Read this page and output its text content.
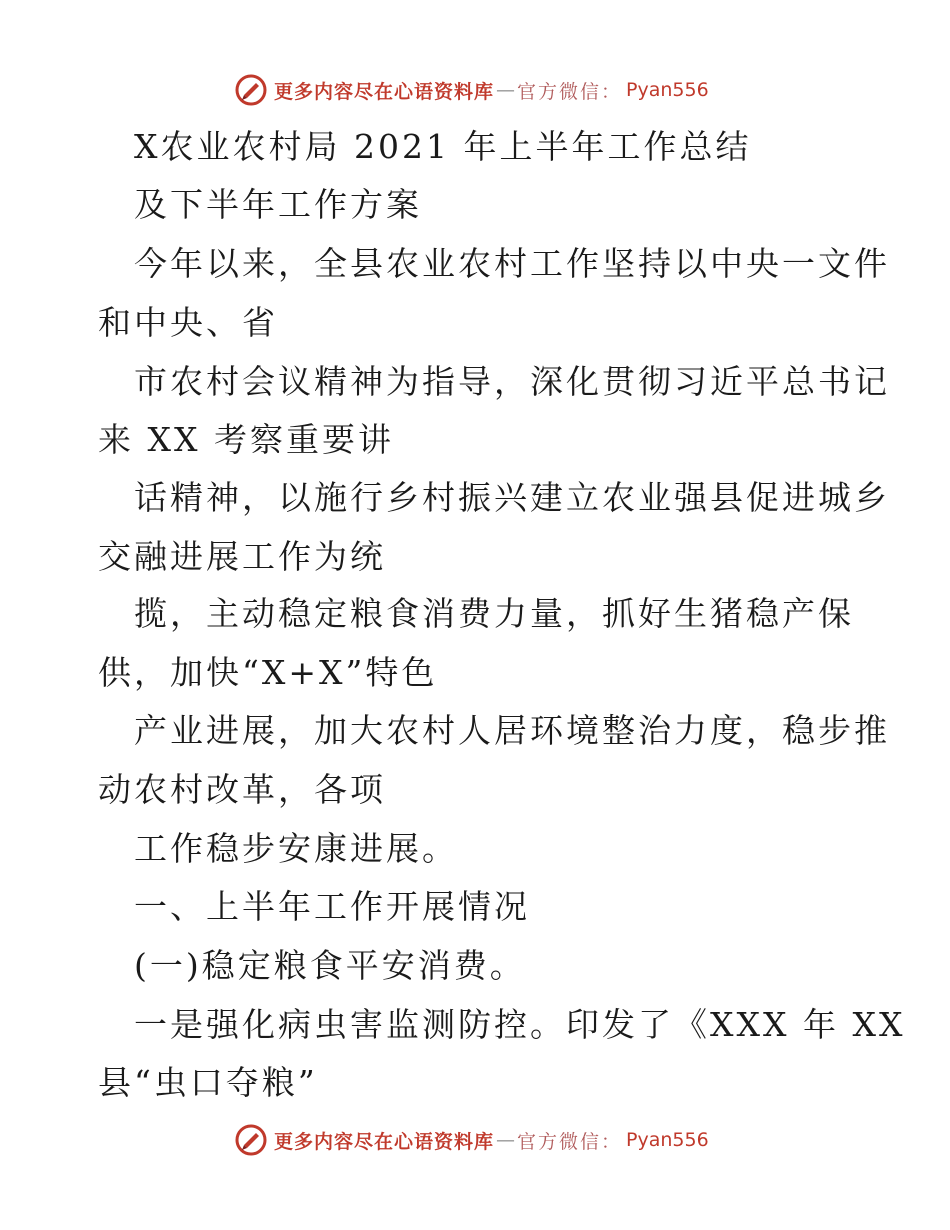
更多内容尽在心语资料库 — 官方微信： Pyan556
X农业农村局 2021 年上半年工作总结
及下半年工作方案
今年以来，全县农业农村工作坚持以中央一文件
和中央、省
市农村会议精神为指导，深化贯彻习近平总书记
来 XX 考察重要讲
话精神，以施行乡村振兴建立农业强县促进城乡
交融进展工作为统
揽，主动稳定粮食消费力量，抓好生猪稳产保
供，加快“X+X”特色
产业进展，加大农村人居环境整治力度，稳步推
动农村改革，各项
工作稳步安康进展。
一、上半年工作开展情况
(一)稳定粮食平安消费。
一是强化病虫害监测防控。印发了《XXX 年 XX
县“虫口夺粮”
更多内容尽在心语资料库 — 官方微信： Pyan556
